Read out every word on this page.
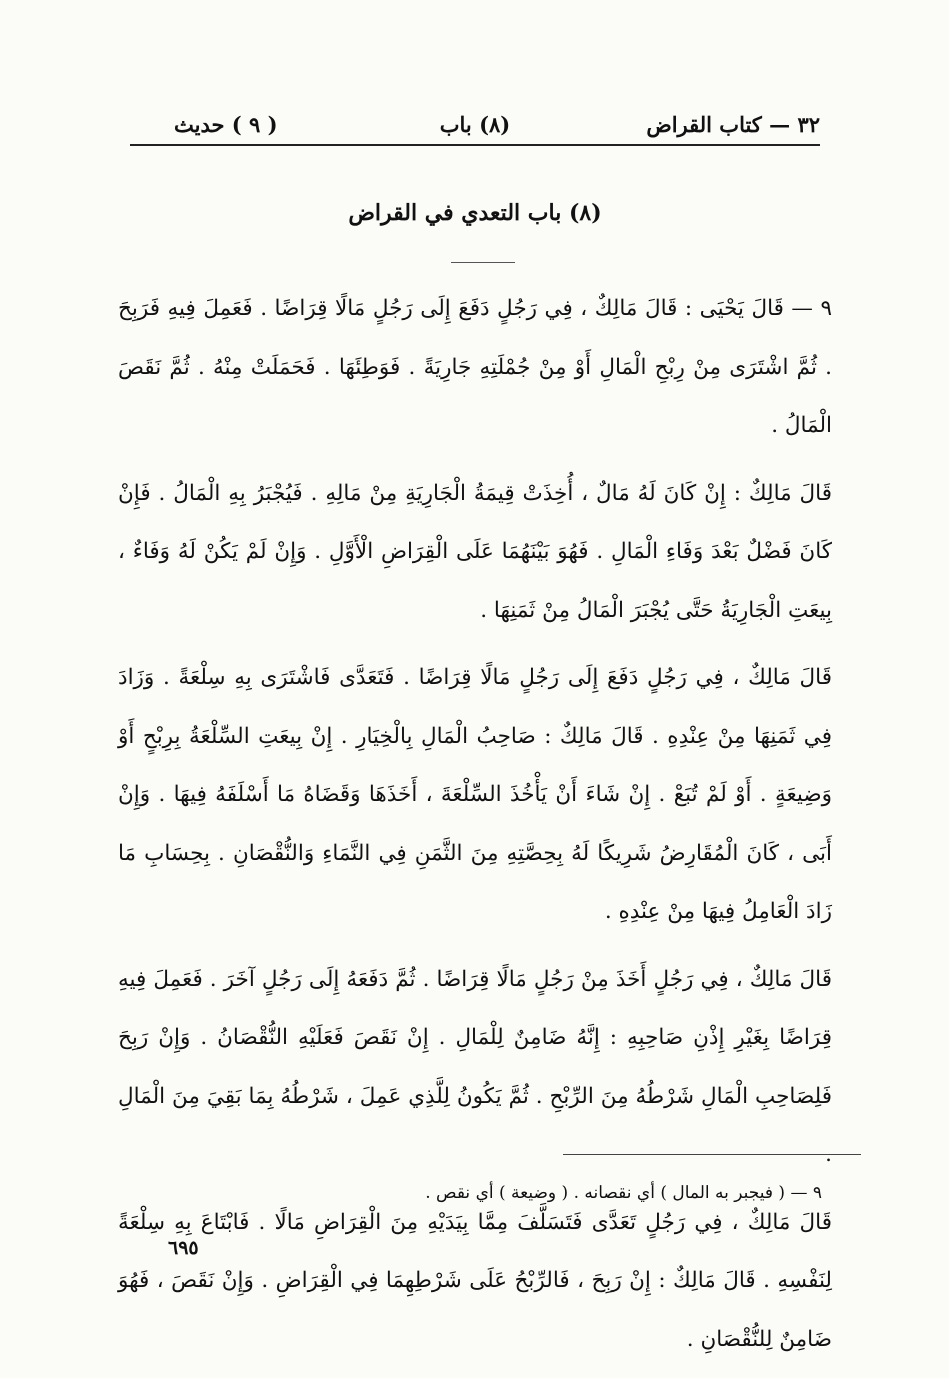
٣٢ — كتاب القراض
(٨) باب
( ٩ ) حديث
(٨) باب التعدي في القراض

٩ — قَالَ يَحْيَى : قَالَ مَالِكٌ ، فِي رَجُلٍ دَفَعَ إِلَى رَجُلٍ مَالًا قِرَاضًا . فَعَمِلَ فِيهِ فَرَبِحَ . ثُمَّ اشْتَرَى مِنْ رِبْحِ الْمَالِ أَوْ مِنْ جُمْلَتِهِ جَارِيَةً . فَوَطِئَهَا . فَحَمَلَتْ مِنْهُ . ثُمَّ نَقَصَ الْمَالُ .

قَالَ مَالِكٌ : إِنْ كَانَ لَهُ مَالٌ ، أُخِذَتْ قِيمَةُ الْجَارِيَةِ مِنْ مَالِهِ . فَيُجْبَرُ بِهِ الْمَالُ . فَإِنْ كَانَ فَضْلٌ بَعْدَ وَفَاءِ الْمَالِ . فَهُوَ بَيْنَهُمَا عَلَى الْقِرَاضِ الْأَوَّلِ . وَإِنْ لَمْ يَكُنْ لَهُ وَفَاءٌ ، بِيعَتِ الْجَارِيَةُ حَتَّى يُجْبَرَ الْمَالُ مِنْ ثَمَنِهَا .

قَالَ مَالِكٌ ، فِي رَجُلٍ دَفَعَ إِلَى رَجُلٍ مَالًا قِرَاضًا . فَتَعَدَّى فَاشْتَرَى بِهِ سِلْعَةً . وَزَادَ فِي ثَمَنِهَا مِنْ عِنْدِهِ . قَالَ مَالِكٌ : صَاحِبُ الْمَالِ بِالْخِيَارِ . إِنْ بِيعَتِ السِّلْعَةُ بِرِبْحٍ أَوْ وَضِيعَةٍ . أَوْ لَمْ تُبَعْ . إِنْ شَاءَ أَنْ يَأْخُذَ السِّلْعَةَ ، أَخَذَهَا وَقَضَاهُ مَا أَسْلَفَهُ فِيهَا . وَإِنْ أَبَى ، كَانَ الْمُقَارِضُ شَرِيكًا لَهُ بِحِصَّتِهِ مِنَ الثَّمَنِ فِي النَّمَاءِ وَالنُّقْصَانِ . بِحِسَابِ مَا زَادَ الْعَامِلُ فِيهَا مِنْ عِنْدِهِ .

قَالَ مَالِكٌ ، فِي رَجُلٍ أَخَذَ مِنْ رَجُلٍ مَالًا قِرَاضًا . ثُمَّ دَفَعَهُ إِلَى رَجُلٍ آخَرَ . فَعَمِلَ فِيهِ قِرَاضًا بِغَيْرِ إِذْنِ صَاحِبِهِ : إِنَّهُ ضَامِنٌ لِلْمَالِ . إِنْ نَقَصَ فَعَلَيْهِ النُّقْصَانُ . وَإِنْ رَبِحَ فَلِصَاحِبِ الْمَالِ شَرْطُهُ مِنَ الرِّبْحِ . ثُمَّ يَكُونُ لِلَّذِي عَمِلَ ، شَرْطُهُ بِمَا بَقِيَ مِنَ الْمَالِ .

قَالَ مَالِكٌ ، فِي رَجُلٍ تَعَدَّى فَتَسَلَّفَ مِمَّا بِيَدَيْهِ مِنَ الْقِرَاضِ مَالًا . فَابْتَاعَ بِهِ سِلْعَةً لِنَفْسِهِ . قَالَ مَالِكٌ : إِنْ رَبِحَ ، فَالرِّبْحُ عَلَى شَرْطِهِمَا فِي الْقِرَاضِ . وَإِنْ نَقَصَ ، فَهُوَ ضَامِنٌ لِلنُّقْصَانِ .

٩ — ( فيجبر به المال ) أي نقصانه . ( وضيعة ) أي نقص .
٦٩٥
